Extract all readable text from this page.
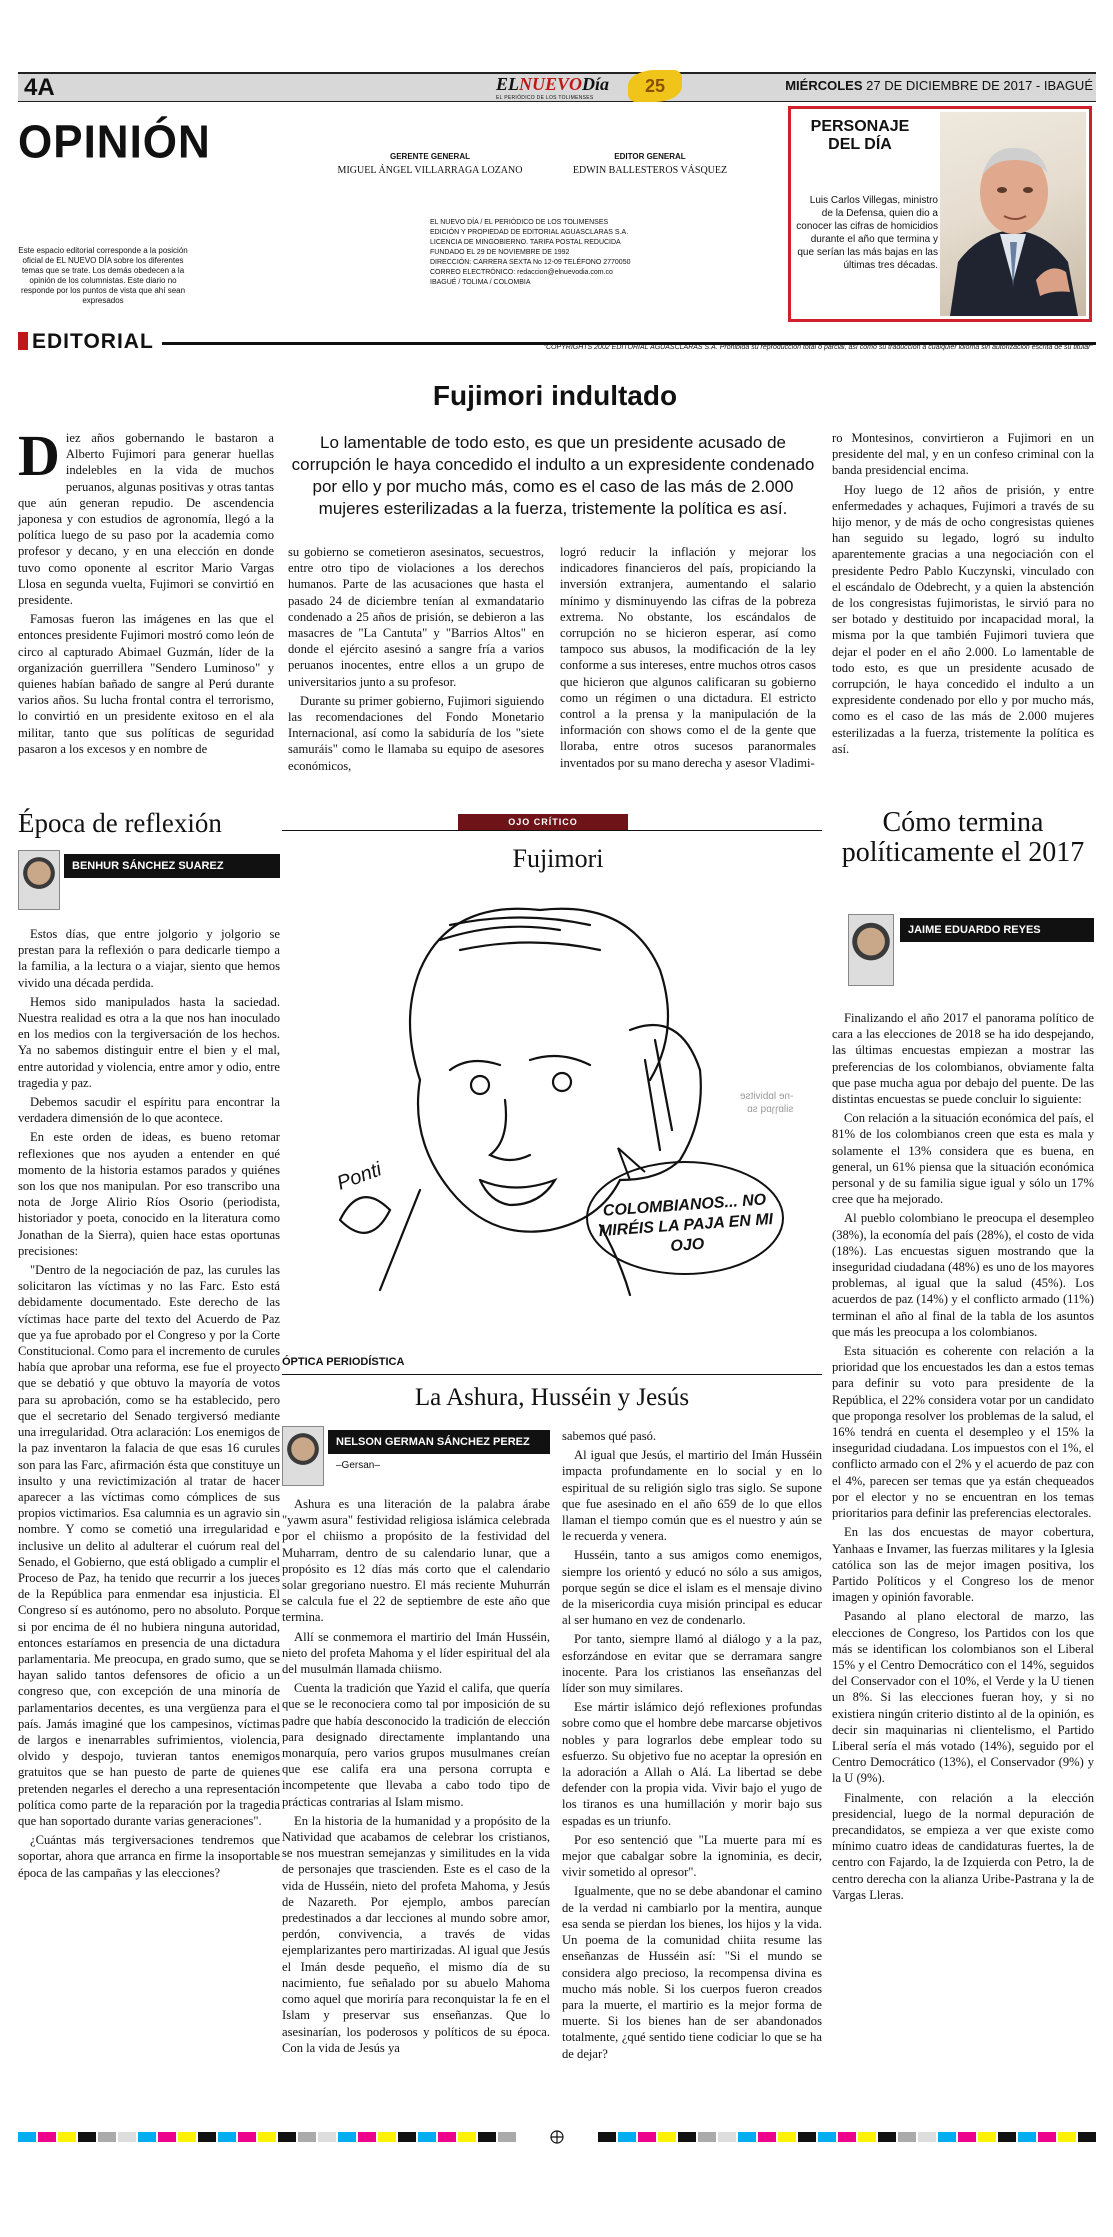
4A	ELNUEVODía
EL PERIÓDICO DE LOS TOLIMENSES
25	MIÉRCOLES 27 DE DICIEMBRE DE 2017 - IBAGUÉ
OPINIÓN	GERENTE GENERAL
MIGUEL ÁNGEL VILLARRAGA LOZANO
EDITOR GENERAL
EDWIN BALLESTEROS VÁSQUEZ
EL NUEVO DÍA / EL PERIÓDICO DE LOS TOLIMENSES
EDICIÓN Y PROPIEDAD DE EDITORIAL AGUASCLARAS S.A.
LICENCIA DE MINGOBIERNO. TARIFA POSTAL REDUCIDA
FUNDADO EL 29 DE NOVIEMBRE DE 1992
DIRECCIÓN: CARRERA SEXTA No 12-09 TELÉFONO 2770050
CORREO ELECTRÓNICO: redaccion@elnuevodia.com.co
IBAGUÉ / TOLIMA / COLOMBIA
Este espacio editorial corresponde a la posición oficial de EL NUEVO DÍA sobre los diferentes temas que se trate. Los demás obedecen a la opinión de los columnistas. Este diario no responde por los puntos de vista que ahí sean expresados
PERSONAJE DEL DÍA
Luis Carlos Villegas, ministro de la Defensa, quien dio a conocer las cifras de homicidios durante el año que termina y que serían las más bajas en las últimas tres décadas.
EDITORIAL	"COPYRIGHTS 2002 EDITORIAL AGUASCLARAS S.A. Prohibida su reproducción total o parcial, así como su traducción a cualquier idioma sin autorización escrita de su titular"
Fujimori indultado
Lo lamentable de todo esto, es que un presidente acusado de corrupción le haya concedido el indulto a un expresidente condenado por ello y por mucho más, como es el caso de las más de 2.000 mujeres esterilizadas a la fuerza, tristemente la política es así.

Diez años gobernando le bastaron a Alberto Fujimori para generar huellas indelebles en la vida de muchos peruanos, algunas positivas y otras tantas que aún generan repudio. De ascendencia japonesa y con estudios de agronomía, llegó a la política luego de su paso por la academia como profesor y decano, y en una elección en donde tuvo como oponente al escritor Mario Vargas Llosa en segunda vuelta, Fujimori se convirtió en presidente.

Famosas fueron las imágenes en las que el entonces presidente Fujimori mostró como león de circo al capturado Abimael Guzmán, líder de la organización guerrillera "Sendero Luminoso" y quienes habían bañado de sangre al Perú durante varios años. Su lucha frontal contra el terrorismo, lo convirtió en un presidente exitoso en el ala militar, tanto que sus políticas de seguridad pasaron a los excesos y en nombre de

su gobierno se cometieron asesinatos, secuestros, entre otro tipo de violaciones a los derechos humanos. Parte de las acusaciones que hasta el pasado 24 de diciembre tenían al exmandatario condenado a 25 años de prisión, se debieron a las masacres de "La Cantuta" y "Barrios Altos" en donde el ejército asesinó a sangre fría a varios peruanos inocentes, entre ellos a un grupo de universitarios junto a su profesor.

Durante su primer gobierno, Fujimori siguiendo las recomendaciones del Fondo Monetario Internacional, así como la sabiduría de los "siete samuráis" como le llamaba su equipo de asesores económicos,

logró reducir la inflación y mejorar los indicadores financieros del país, propiciando la inversión extranjera, aumentando el salario mínimo y disminuyendo las cifras de la pobreza extrema. No obstante, los escándalos de corrupción no se hicieron esperar, así como tampoco sus abusos, la modificación de la ley conforme a sus intereses, entre muchos otros casos que hicieron que algunos calificaran su gobierno como un régimen o una dictadura. El estricto control a la prensa y la manipulación de la información con shows como el de la gente que lloraba, entre otros sucesos paranormales inventados por su mano derecha y asesor Vladimi-

ro Montesinos, convirtieron a Fujimori en un presidente del mal, y en un confeso criminal con la banda presidencial encima.

Hoy luego de 12 años de prisión, y entre enfermedades y achaques, Fujimori a través de su hijo menor, y de más de ocho congresistas quienes han seguido su legado, logró su indulto aparentemente gracias a una negociación con el presidente Pedro Pablo Kuczynski, vinculado con el escándalo de Odebrecht, y a quien la abstención de los congresistas fujimoristas, le sirvió para no ser botado y destituido por incapacidad moral, la misma por la que también Fujimori tuviera que dejar el poder en el año 2.000. Lo lamentable de todo esto, es que un presidente acusado de corrupción, le haya concedido el indulto a un expresidente condenado por ello y por mucho más, como es el caso de las más de 2.000 mujeres esterilizadas a la fuerza, tristemente la política es así.

Época de reflexión
BENHUR SÁNCHEZ SUAREZ

Estos días, que entre jolgorio y jolgorio se prestan para la reflexión o para dedicarle tiempo a la familia, a la lectura o a viajar, siento que hemos vivido una década perdida.

Hemos sido manipulados hasta la saciedad. Nuestra realidad es otra a la que nos han inoculado en los medios con la tergiversación de los hechos. Ya no sabemos distinguir entre el bien y el mal, entre autoridad y violencia, entre amor y odio, entre tragedia y paz.

Debemos sacudir el espíritu para encontrar la verdadera dimensión de lo que acontece.

En este orden de ideas, es bueno retomar reflexiones que nos ayuden a entender en qué momento de la historia estamos parados y quiénes son los que nos manipulan. Por eso transcribo una nota de Jorge Alirio Ríos Osorio (periodista, historiador y poeta, conocido en la literatura como Jonathan de la Sierra), quien hace estas oportunas precisiones:

"Dentro de la negociación de paz, las curules las solicitaron las víctimas y no las Farc. Esto está debidamente documentado. Este derecho de las víctimas hace parte del texto del Acuerdo de Paz que ya fue aprobado por el Congreso y por la Corte Constitucional. Como para el incremento de curules había que aprobar una reforma, ese fue el proyecto que se debatió y que obtuvo la mayoría de votos para su aprobación, como se ha establecido, pero que el secretario del Senado tergiversó mediante una irregularidad. Otra aclaración: Los enemigos de la paz inventaron la falacia de que esas 16 curules son para las Farc, afirmación ésta que constituye un insulto y una revictimización al tratar de hacer aparecer a las víctimas como cómplices de sus propios victimarios. Esa calumnia es un agravio sin nombre. Y como se cometió una irregularidad e inclusive un delito al adulterar el cuórum real del Senado, el Gobierno, que está obligado a cumplir el Proceso de Paz, ha tenido que recurrir a los jueces de la República para enmendar esa injusticia. El Congreso sí es autónomo, pero no absoluto. Porque si por encima de él no hubiera ninguna autoridad, entonces estaríamos en presencia de una dictadura parlamentaria. Me preocupa, en grado sumo, que se hayan salido tantos defensores de oficio a un congreso que, con excepción de una minoría de parlamentarios decentes, es una vergüenza para el país. Jamás imaginé que los campesinos, víctimas de largos e inenarrables sufrimientos, violencia, olvido y despojo, tuvieran tantos enemigos gratuitos que se han puesto de parte de quienes pretenden negarles el derecho a una representación política como parte de la reparación por la tragedia que han soportado durante varias generaciones".

¿Cuántas más tergiversaciones tendremos que soportar, ahora que arranca en firme la insoportable época de las campañas y las elecciones?

OJO CRÍTICO
Fujimori
Ponti
COLOMBIANOS... NO MIRÉIS LA PAJA EN MI OJO
-ne lɒbivitse
silɒɿɿɒq sɒ
ÓPTICA PERIODÍSTICA
La Ashura, Husséin y Jesús
NELSON GERMAN SÁNCHEZ PEREZ
–Gersan–

Ashura es una literación de la palabra árabe "yawm asura" festividad religiosa islámica celebrada por el chiismo a propósito de la festividad del Muharram, dentro de su calendario lunar, que a propósito es 12 días más corto que el calendario solar gregoriano nuestro. El más reciente Muhurrán se calcula fue el 22 de septiembre de este año que termina.

Allí se conmemora el martirio del Imán Husséin, nieto del profeta Mahoma y el líder espiritual del ala del musulmán llamada chiismo.

Cuenta la tradición que Yazid el califa, que quería que se le reconociera como tal por imposición de su padre que había desconocido la tradición de elección para designado directamente implantando una monarquía, pero varios grupos musulmanes creían que ese califa era una persona corrupta e incompetente que llevaba a cabo todo tipo de prácticas contrarias al Islam mismo.

En la historia de la humanidad y a propósito de la Natividad que acabamos de celebrar los cristianos, se nos muestran semejanzas y similitudes en la vida de personajes que trascienden. Este es el caso de la vida de Husséin, nieto del profeta Mahoma, y Jesús de Nazareth. Por ejemplo, ambos parecían predestinados a dar lecciones al mundo sobre amor, perdón, convivencia, a través de vidas ejemplarizantes pero martirizadas. Al igual que Jesús el Imán desde pequeño, el mismo día de su nacimiento, fue señalado por su abuelo Mahoma como aquel que moriría para reconquistar la fe en el Islam y preservar sus enseñanzas. Que lo asesinarían, los poderosos y políticos de su época. Con la vida de Jesús ya

sabemos qué pasó.

Al igual que Jesús, el martirio del Imán Husséin impacta profundamente en lo social y en lo espiritual de su religión siglo tras siglo. Se supone que fue asesinado en el año 659 de lo que ellos llaman el tiempo común que es el nuestro y aún se le recuerda y venera.

Husséin, tanto a sus amigos como enemigos, siempre los orientó y educó no sólo a sus amigos, porque según se dice el islam es el mensaje divino de la misericordia cuya misión principal es educar al ser humano en vez de condenarlo.

Por tanto, siempre llamó al diálogo y a la paz, esforzándose en evitar que se derramara sangre inocente. Para los cristianos las enseñanzas del líder son muy similares.

Ese mártir islámico dejó reflexiones profundas sobre como que el hombre debe marcarse objetivos nobles y para lograrlos debe emplear todo su esfuerzo. Su objetivo fue no aceptar la opresión en la adoración a Allah o Alá. La libertad se debe defender con la propia vida. Vivir bajo el yugo de los tiranos es una humillación y morir bajo sus espadas es un triunfo.

Por eso sentenció que "La muerte para mí es mejor que cabalgar sobre la ignominia, es decir, vivir sometido al opresor".

Igualmente, que no se debe abandonar el camino de la verdad ni cambiarlo por la mentira, aunque esa senda se pierdan los bienes, los hijos y la vida. Un poema de la comunidad chiita resume las enseñanzas de Husséin así: "Si el mundo se considera algo precioso, la recompensa divina es mucho más noble. Si los cuerpos fueron creados para la muerte, el martirio es la mejor forma de muerte. Si los bienes han de ser abandonados totalmente, ¿qué sentido tiene codiciar lo que se ha de dejar?

Cómo termina políticamente el 2017
JAIME EDUARDO REYES

Finalizando el año 2017 el panorama político de cara a las elecciones de 2018 se ha ido despejando, las últimas encuestas empiezan a mostrar las preferencias de los colombianos, obviamente falta que pase mucha agua por debajo del puente. De las distintas encuestas se puede concluir lo siguiente:

Con relación a la situación económica del país, el 81% de los colombianos creen que esta es mala y solamente el 13% considera que es buena, en general, un 61% piensa que la situación económica personal y de su familia sigue igual y sólo un 17% cree que ha mejorado.

Al pueblo colombiano le preocupa el desempleo (38%), la economía del país (28%), el costo de vida (18%). Las encuestas siguen mostrando que la inseguridad ciudadana (48%) es uno de los mayores problemas, al igual que la salud (45%). Los acuerdos de paz (14%) y el conflicto armado (11%) terminan el año al final de la tabla de los asuntos que más les preocupa a los colombianos.

Esta situación es coherente con relación a la prioridad que los encuestados les dan a estos temas para definir su voto para presidente de la República, el 22% considera votar por un candidato que proponga resolver los problemas de la salud, el 16% tendrá en cuenta el desempleo y el 15% la inseguridad ciudadana. Los impuestos con el 1%, el conflicto armado con el 2% y el acuerdo de paz con el 4%, parecen ser temas que ya están chequeados por el elector y no se encuentran en los temas prioritarios para definir las preferencias electorales.

En las dos encuestas de mayor cobertura, Yanhaas e Invamer, las fuerzas militares y la Iglesia católica son las de mejor imagen positiva, los Partido Políticos y el Congreso los de menor imagen y opinión favorable.

Pasando al plano electoral de marzo, las elecciones de Congreso, los Partidos con los que más se identifican los colombianos son el Liberal 15% y el Centro Democrático con el 14%, seguidos del Conservador con el 10%, el Verde y la U tienen un 8%. Si las elecciones fueran hoy, y si no existiera ningún criterio distinto al de la opinión, es decir sin maquinarias ni clientelismo, el Partido Liberal sería el más votado (14%), seguido por el Centro Democrático (13%), el Conservador (9%) y la U (9%).

Finalmente, con relación a la elección presidencial, luego de la normal depuración de precandidatos, se empieza a ver que existe como mínimo cuatro ideas de candidaturas fuertes, la de centro con Fajardo, la de Izquierda con Petro, la de centro derecha con la alianza Uribe-Pastrana y la de Vargas Lleras.
